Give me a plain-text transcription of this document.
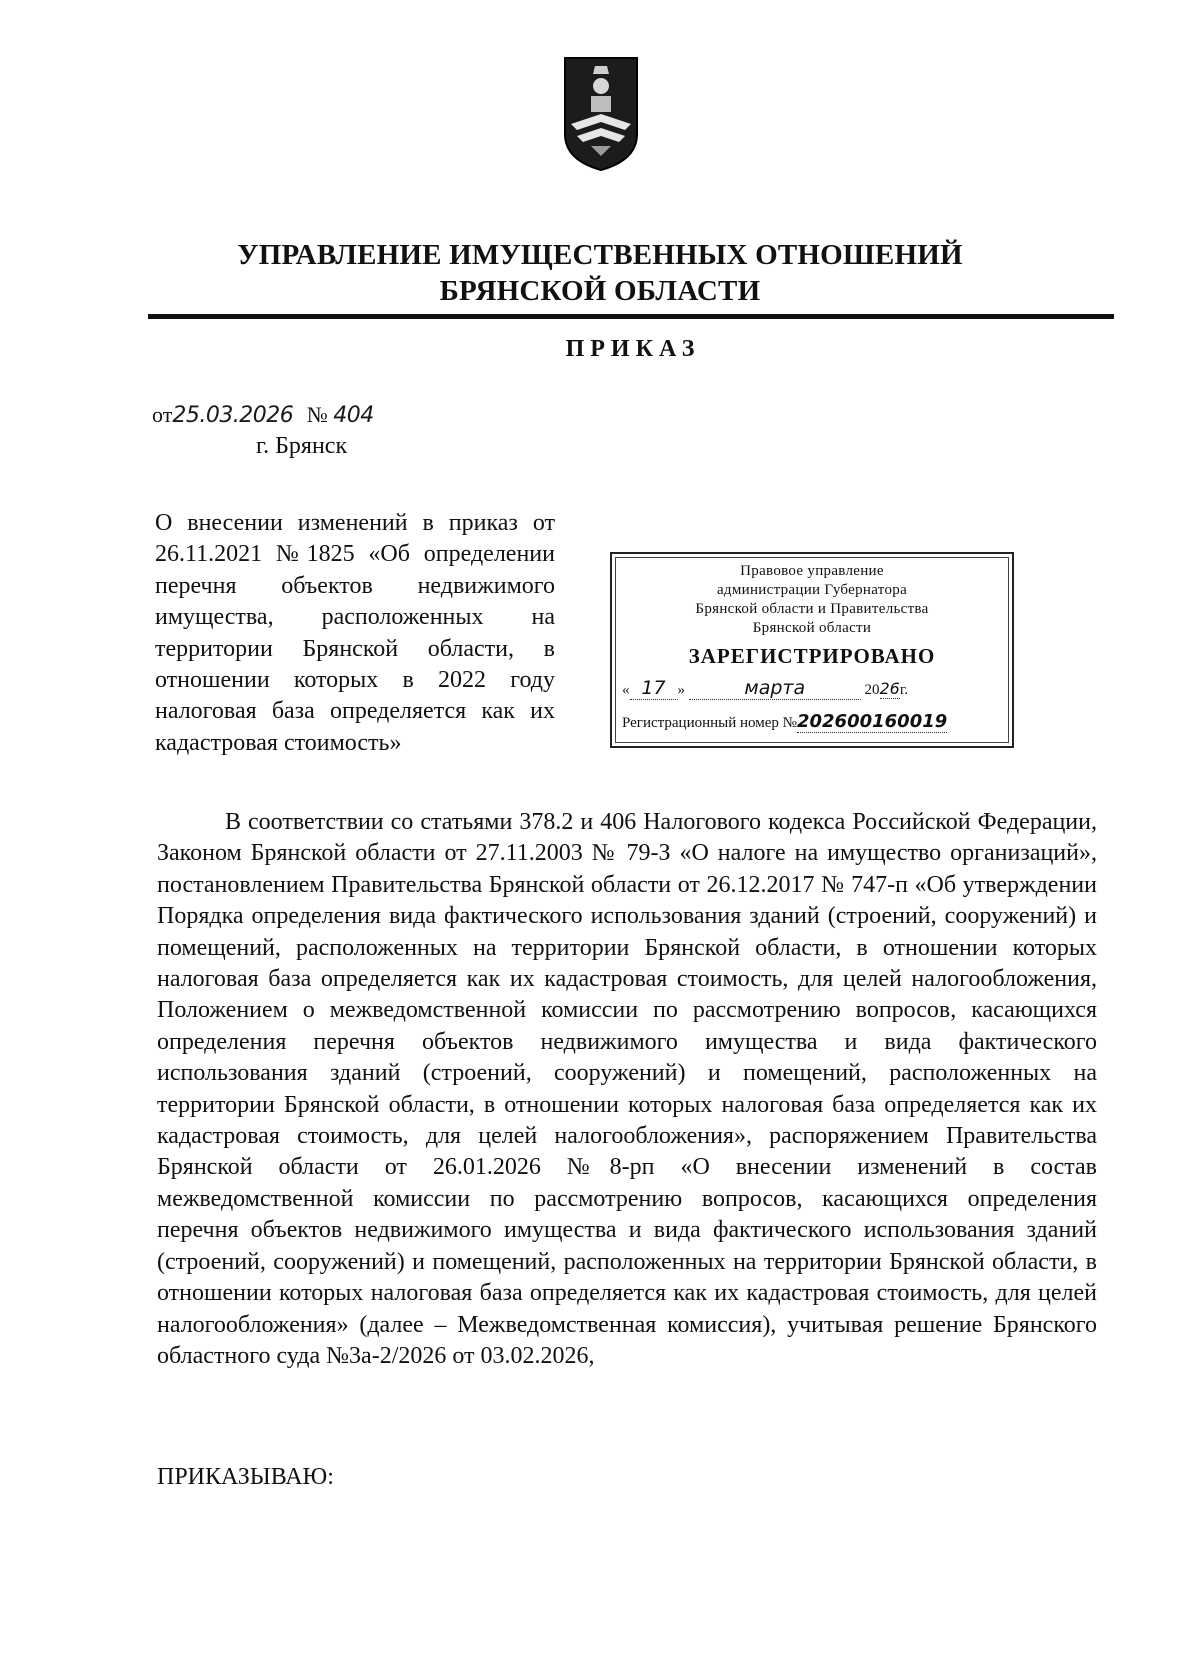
УПРАВЛЕНИЕ ИМУЩЕСТВЕННЫХ ОТНОШЕНИЙ
БРЯНСКОЙ ОБЛАСТИ
ПРИКАЗ
от25.03.2026 № 404
г. Брянск
О внесении изменений в приказ от 26.11.2021 №1825 «Об определении перечня объектов недвижимого имущества, расположенных на территории Брянской области, в отношении которых в 2022 году налоговая база определяется как их кадастровая стоимость»
Правовое управление
администрации Губернатора
Брянской области и Правительства
Брянской области
ЗАРЕГИСТРИРОВАНО
« 17 »	марта	2026г.
Регистрационный номер №202600160019

В соответствии со статьями 378.2 и 406 Налогового кодекса Российской Федерации, Законом Брянской области от 27.11.2003 № 79-З «О налоге на имущество организаций», постановлением Правительства Брянской области от 26.12.2017 № 747-п «Об утверждении Порядка определения вида фактического использования зданий (строений, сооружений) и помещений, расположенных на территории Брянской области, в отношении которых налоговая база определяется как их кадастровая стоимость, для целей налогообложения, Положением о межведомственной комиссии по рассмотрению вопросов, касающихся определения перечня объектов недвижимого имущества и вида фактического использования зданий (строений, сооружений) и помещений, расположенных на территории Брянской области, в отношении которых налоговая база определяется как их кадастровая стоимость, для целей налогообложения», распоряжением Правительства Брянской области от 26.01.2026 №8-рп «О внесении изменений в состав межведомственной комиссии по рассмотрению вопросов, касающихся определения перечня объектов недвижимого имущества и вида фактического использования зданий (строений, сооружений) и помещений, расположенных на территории Брянской области, в отношении которых налоговая база определяется как их кадастровая стоимость, для целей налогообложения» (далее – Межведомственная комиссия), учитывая решение Брянского областного суда №3а-2/2026 от 03.02.2026,

ПРИКАЗЫВАЮ:
